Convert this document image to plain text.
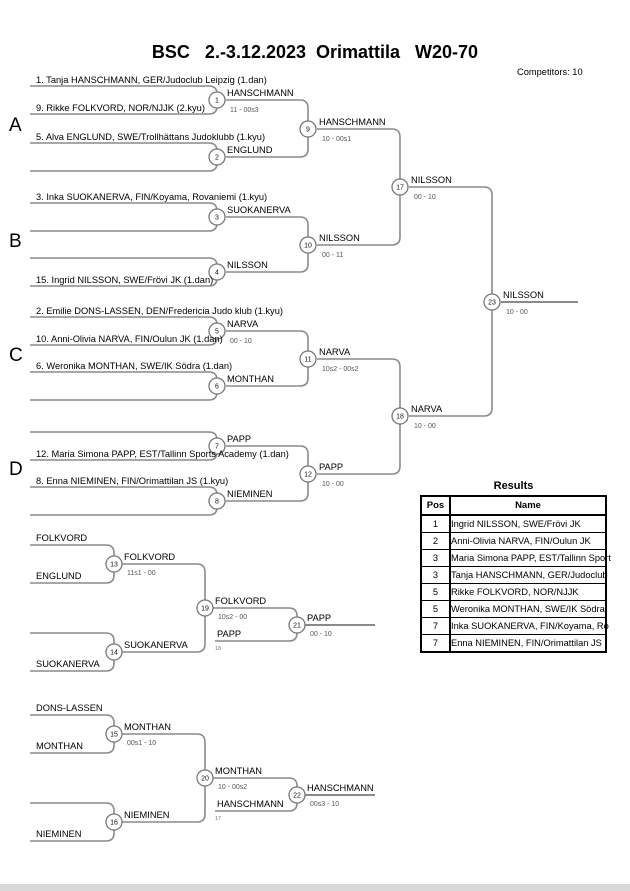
BSC   2.-3.12.2023  Orimattila   W20-70
Competitors: 10
A
B
C
D
1
2
3
4
5
6
7
8
9
10
11
12
17
18
23
13
14
19
21
15
16
20
22
HANSCHMANN
ENGLUND
SUOKANERVA
NILSSON
NARVA
MONTHAN
PAPP
NIEMINEN
HANSCHMANN
NILSSON
NARVA
PAPP
NILSSON
NARVA
NILSSON
FOLKVORD
SUOKANERVA
FOLKVORD
PAPP
MONTHAN
NIEMINEN
MONTHAN
HANSCHMANN
11 - 00s3
00 - 10
10 - 00s1
00 - 11
10s2 - 00s2
10 - 00
00 - 10
10 - 00
10 - 00
11s1 - 00
10s2 - 00
00 - 10
00s1 - 10
10 - 00s2
00s3 - 10
PAPP
18
HANSCHMANN
17
1. Tanja HANSCHMANN, GER/Judoclub Leipzig (1.dan)
9. Rikke FOLKVORD, NOR/NJJK (2.kyu)
5. Alva ENGLUND, SWE/Trollhättans Judoklubb (1.kyu)
3. Inka SUOKANERVA, FIN/Koyama, Rovaniemi (1.kyu)
15. Ingrid NILSSON, SWE/Frövi JK (1.dan)
2. Emilie DONS-LASSEN, DEN/Fredericia Judo klub (1.kyu)
10. Anni-Olivia NARVA, FIN/Oulun JK (1.dan)
6. Weronika MONTHAN, SWE/IK Södra (1.dan)
12. Maria Simona PAPP, EST/Tallinn Sports Academy (1.dan)
8. Enna NIEMINEN, FIN/Orimattilan JS (1.kyu)
FOLKVORD
ENGLUND
SUOKANERVA
DONS-LASSEN
MONTHAN
NIEMINEN
Results
Pos	Name
1	Ingrid NILSSON, SWE/Frövi JK
2	Anni-Olivia NARVA, FIN/Oulun JK
3	Maria Simona PAPP, EST/Tallinn Sport
3	Tanja HANSCHMANN, GER/Judoclub
5	Rikke FOLKVORD, NOR/NJJK
5	Weronika MONTHAN, SWE/IK Södra
7	Inka SUOKANERVA, FIN/Koyama, Ro
7	Enna NIEMINEN, FIN/Orimattilan JS
